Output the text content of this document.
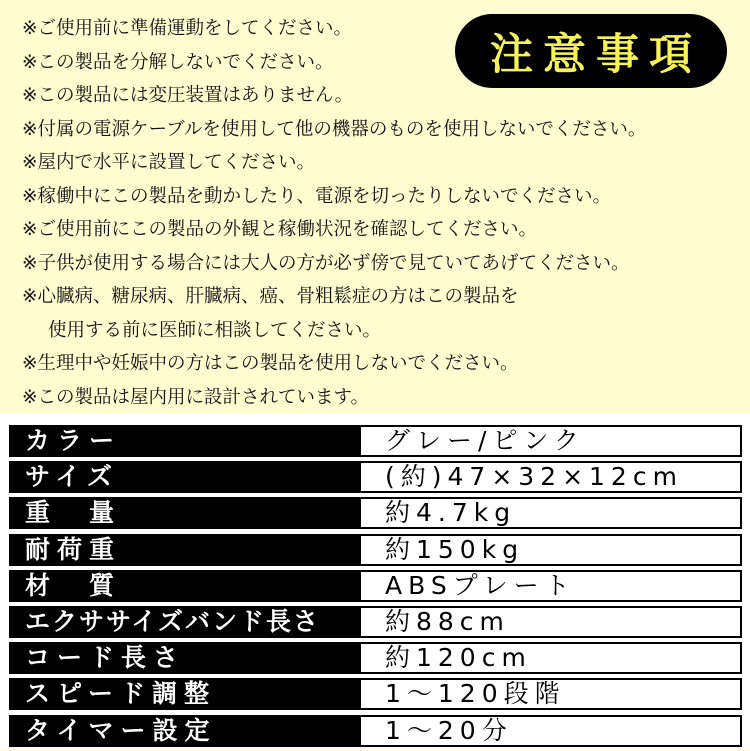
※ご使用前に準備運動をしてください。
※この製品を分解しないでください。
※この製品には変圧装置はありません。
※付属の電源ケーブルを使用して他の機器のものを使用しないでください。
※屋内で水平に設置してください。
※稼働中にこの製品を動かしたり、電源を切ったりしないでください。
※ご使用前にこの製品の外観と稼働状況を確認してください。
※子供が使用する場合には大人の方が必ず傍で見ていてあげてください。
※心臓病、糖尿病、肝臓病、癌、骨粗鬆症の方はこの製品を
使用する前に医師に相談してください。
※生理中や妊娠中の方はこの製品を使用しないでください。
※この製品は屋内用に設計されています。
注意事項
カラー	グレー/ピンク
サイズ	(約)47×32×12cm
重　量	約4.7kg
耐荷重	約150kg
材　質	ABSプレート
エクササイズバンド長さ	約88cm
コード長さ	約120cm
スピード調整	1～120段階
タイマー設定	1～20分
